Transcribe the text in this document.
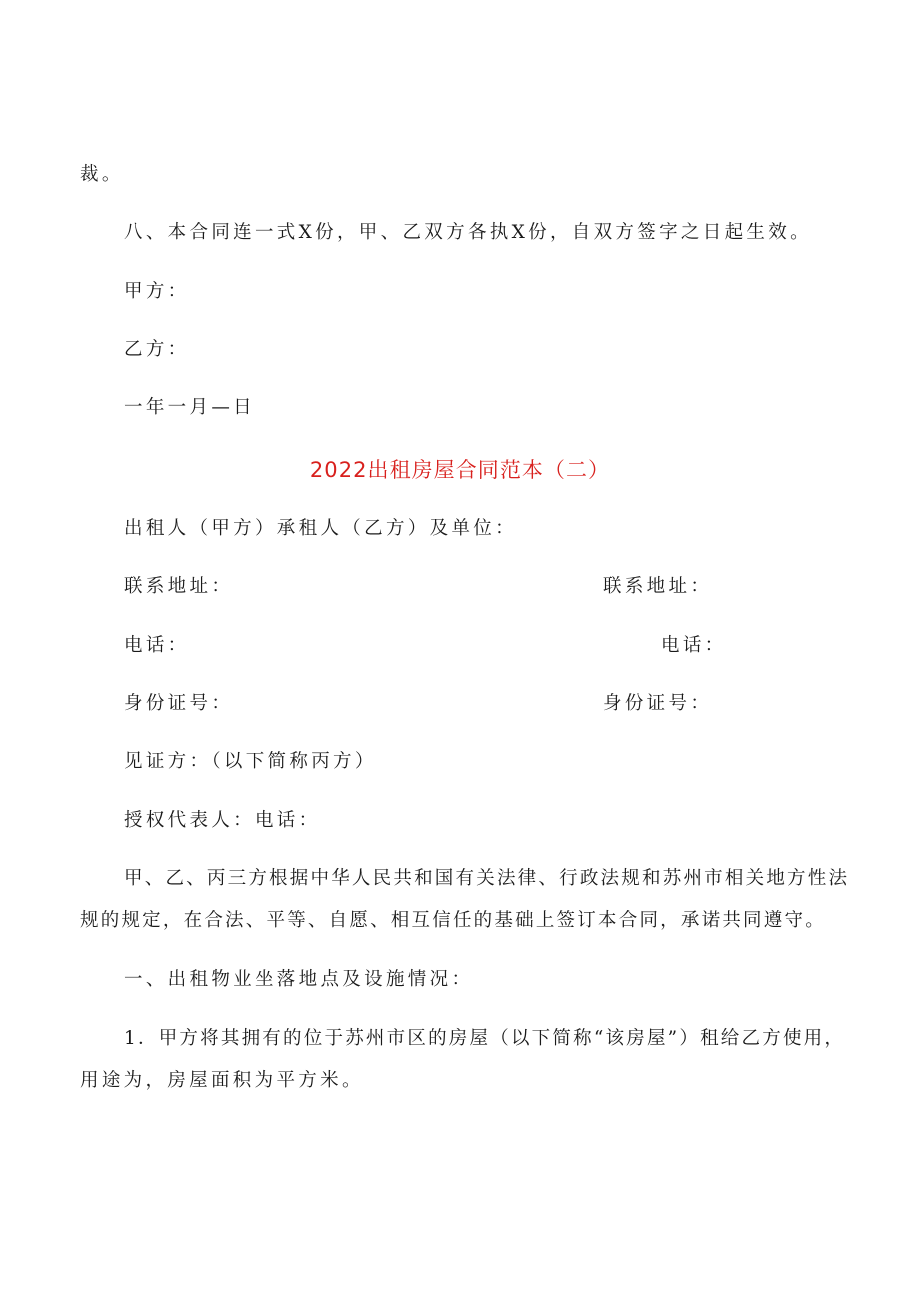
裁。
八、本合同连一式X份，甲、乙双方各执X份，自双方签字之日起生效。
甲方：
乙方：
一年一月—日
2022出租房屋合同范本（二）
出租人（甲方）承租人（乙方）及单位：
联系地址：	联系地址：
电话：	电话：
身份证号：	身份证号：
见证方：（以下简称丙方）
授权代表人：电话：
甲、乙、丙三方根据中华人民共和国有关法律、行政法规和苏州市相关地方性法
规的规定，在合法、平等、自愿、相互信任的基础上签订本合同，承诺共同遵守。
一、出租物业坐落地点及设施情况：
1．甲方将其拥有的位于苏州市区的房屋（以下简称“该房屋”）租给乙方使用，
用途为，房屋面积为平方米。
